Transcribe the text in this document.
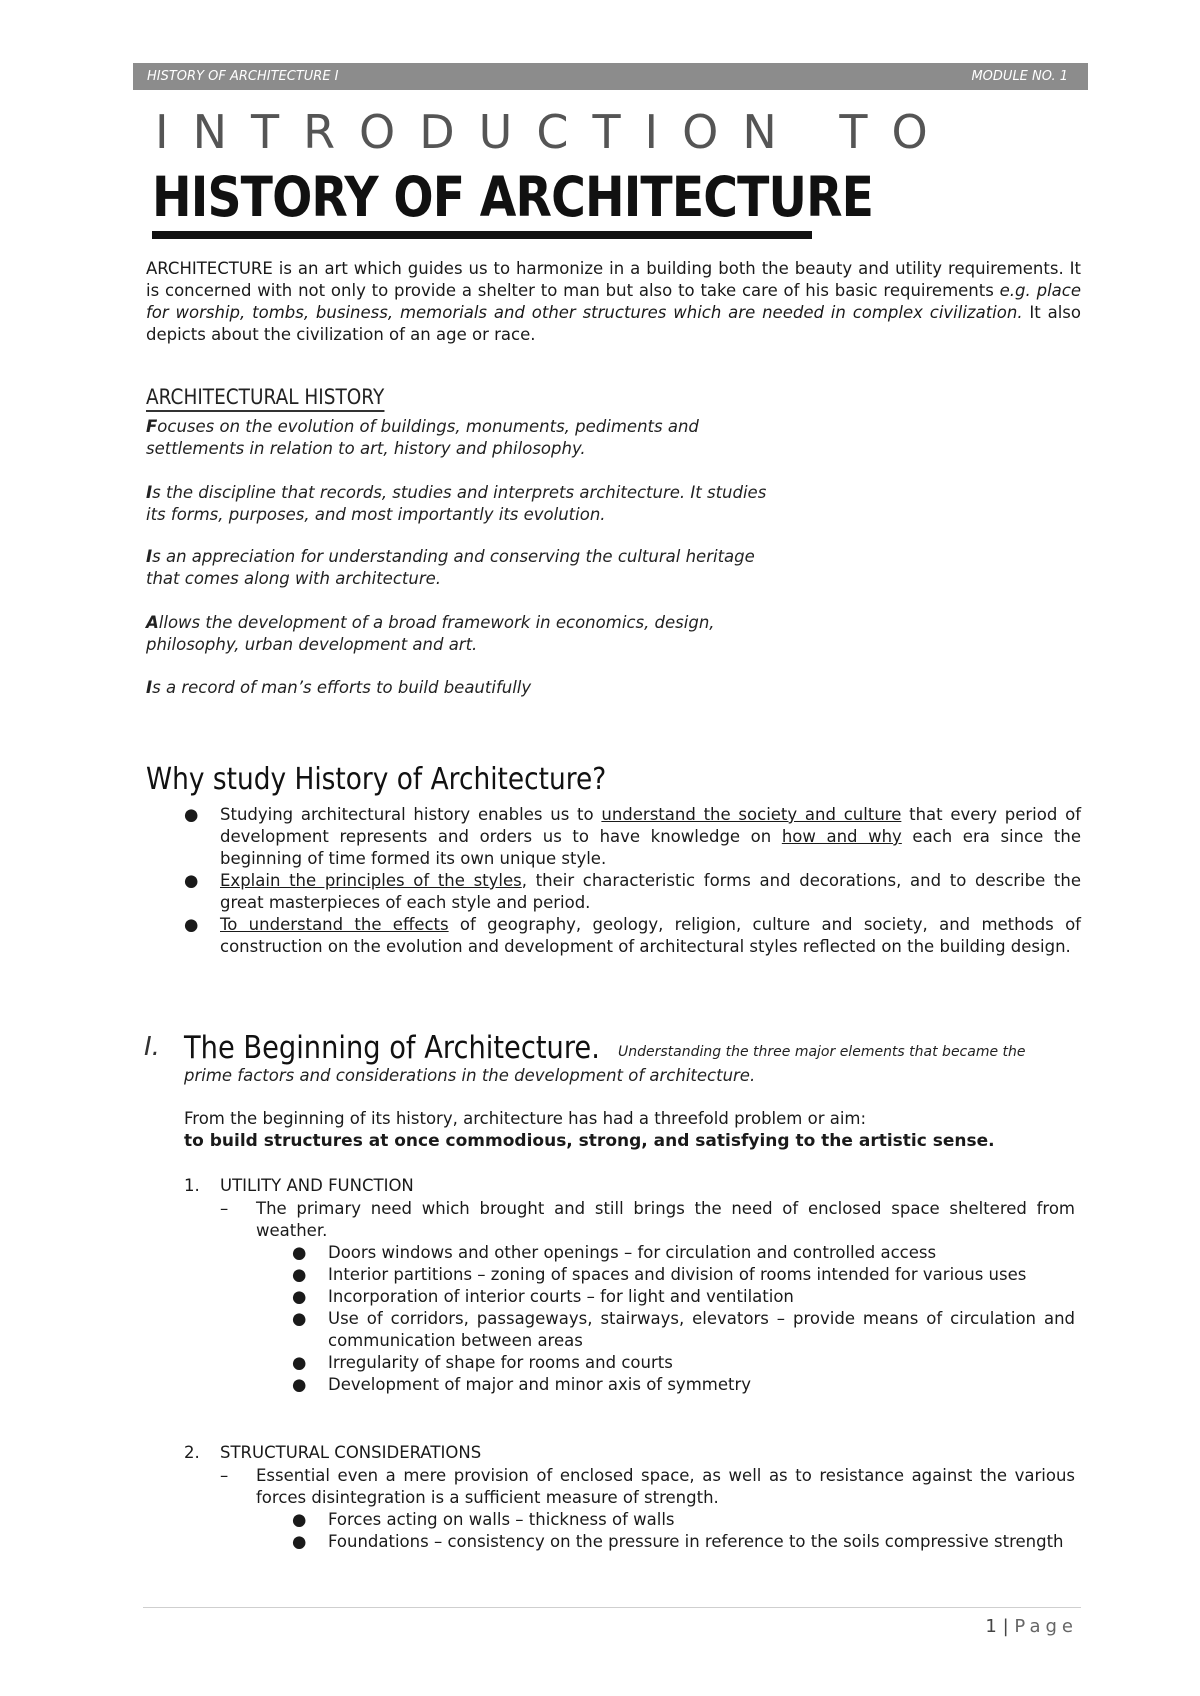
HISTORY OF ARCHITECTURE I	MODULE NO. 1
INTRODUCTION TO
HISTORY OF ARCHITECTURE
ARCHITECTURE is an art which guides us to harmonize in a building both the beauty and utility requirements. It is concerned with not only to provide a shelter to man but also to take care of his basic requirements e.g. place for worship, tombs, business, memorials and other structures which are needed in complex civilization. It also depicts about the civilization of an age or race.
ARCHITECTURAL HISTORY
Focuses on the evolution of buildings, monuments, pediments and settlements in relation to art, history and philosophy.
Is the discipline that records, studies and interprets architecture. It studies its forms, purposes, and most importantly its evolution.
Is an appreciation for understanding and conserving the cultural heritage that comes along with architecture.
Allows the development of a broad framework in economics, design, philosophy, urban development and art.
Is a record of man’s efforts to build beautifully
Why study History of Architecture?
● Studying architectural history enables us to understand the society and culture that every period of development represents and orders us to have knowledge on how and why each era since the beginning of time formed its own unique style.
● Explain the principles of the styles, their characteristic forms and decorations, and to describe the great masterpieces of each style and period.
● To understand the effects of geography, geology, religion, culture and society, and methods of construction on the evolution and development of architectural styles reflected on the building design.
I. The Beginning of Architecture. Understanding the three major elements that became the
prime factors and considerations in the development of architecture.
From the beginning of its history, architecture has had a threefold problem or aim:
to build structures at once commodious, strong, and satisfying to the artistic sense.
1. UTILITY AND FUNCTION
–	The primary need which brought and still brings the need of enclosed space sheltered from weather.
● Doors windows and other openings – for circulation and controlled access
● Interior partitions – zoning of spaces and division of rooms intended for various uses
● Incorporation of interior courts – for light and ventilation
● Use of corridors, passageways, stairways, elevators – provide means of circulation and communication between areas
● Irregularity of shape for rooms and courts
● Development of major and minor axis of symmetry
2. STRUCTURAL CONSIDERATIONS
–	Essential even a mere provision of enclosed space, as well as to resistance against the various forces disintegration is a sufficient measure of strength.
● Forces acting on walls – thickness of walls
● Foundations – consistency on the pressure in reference to the soils compressive strength
1 | Page
